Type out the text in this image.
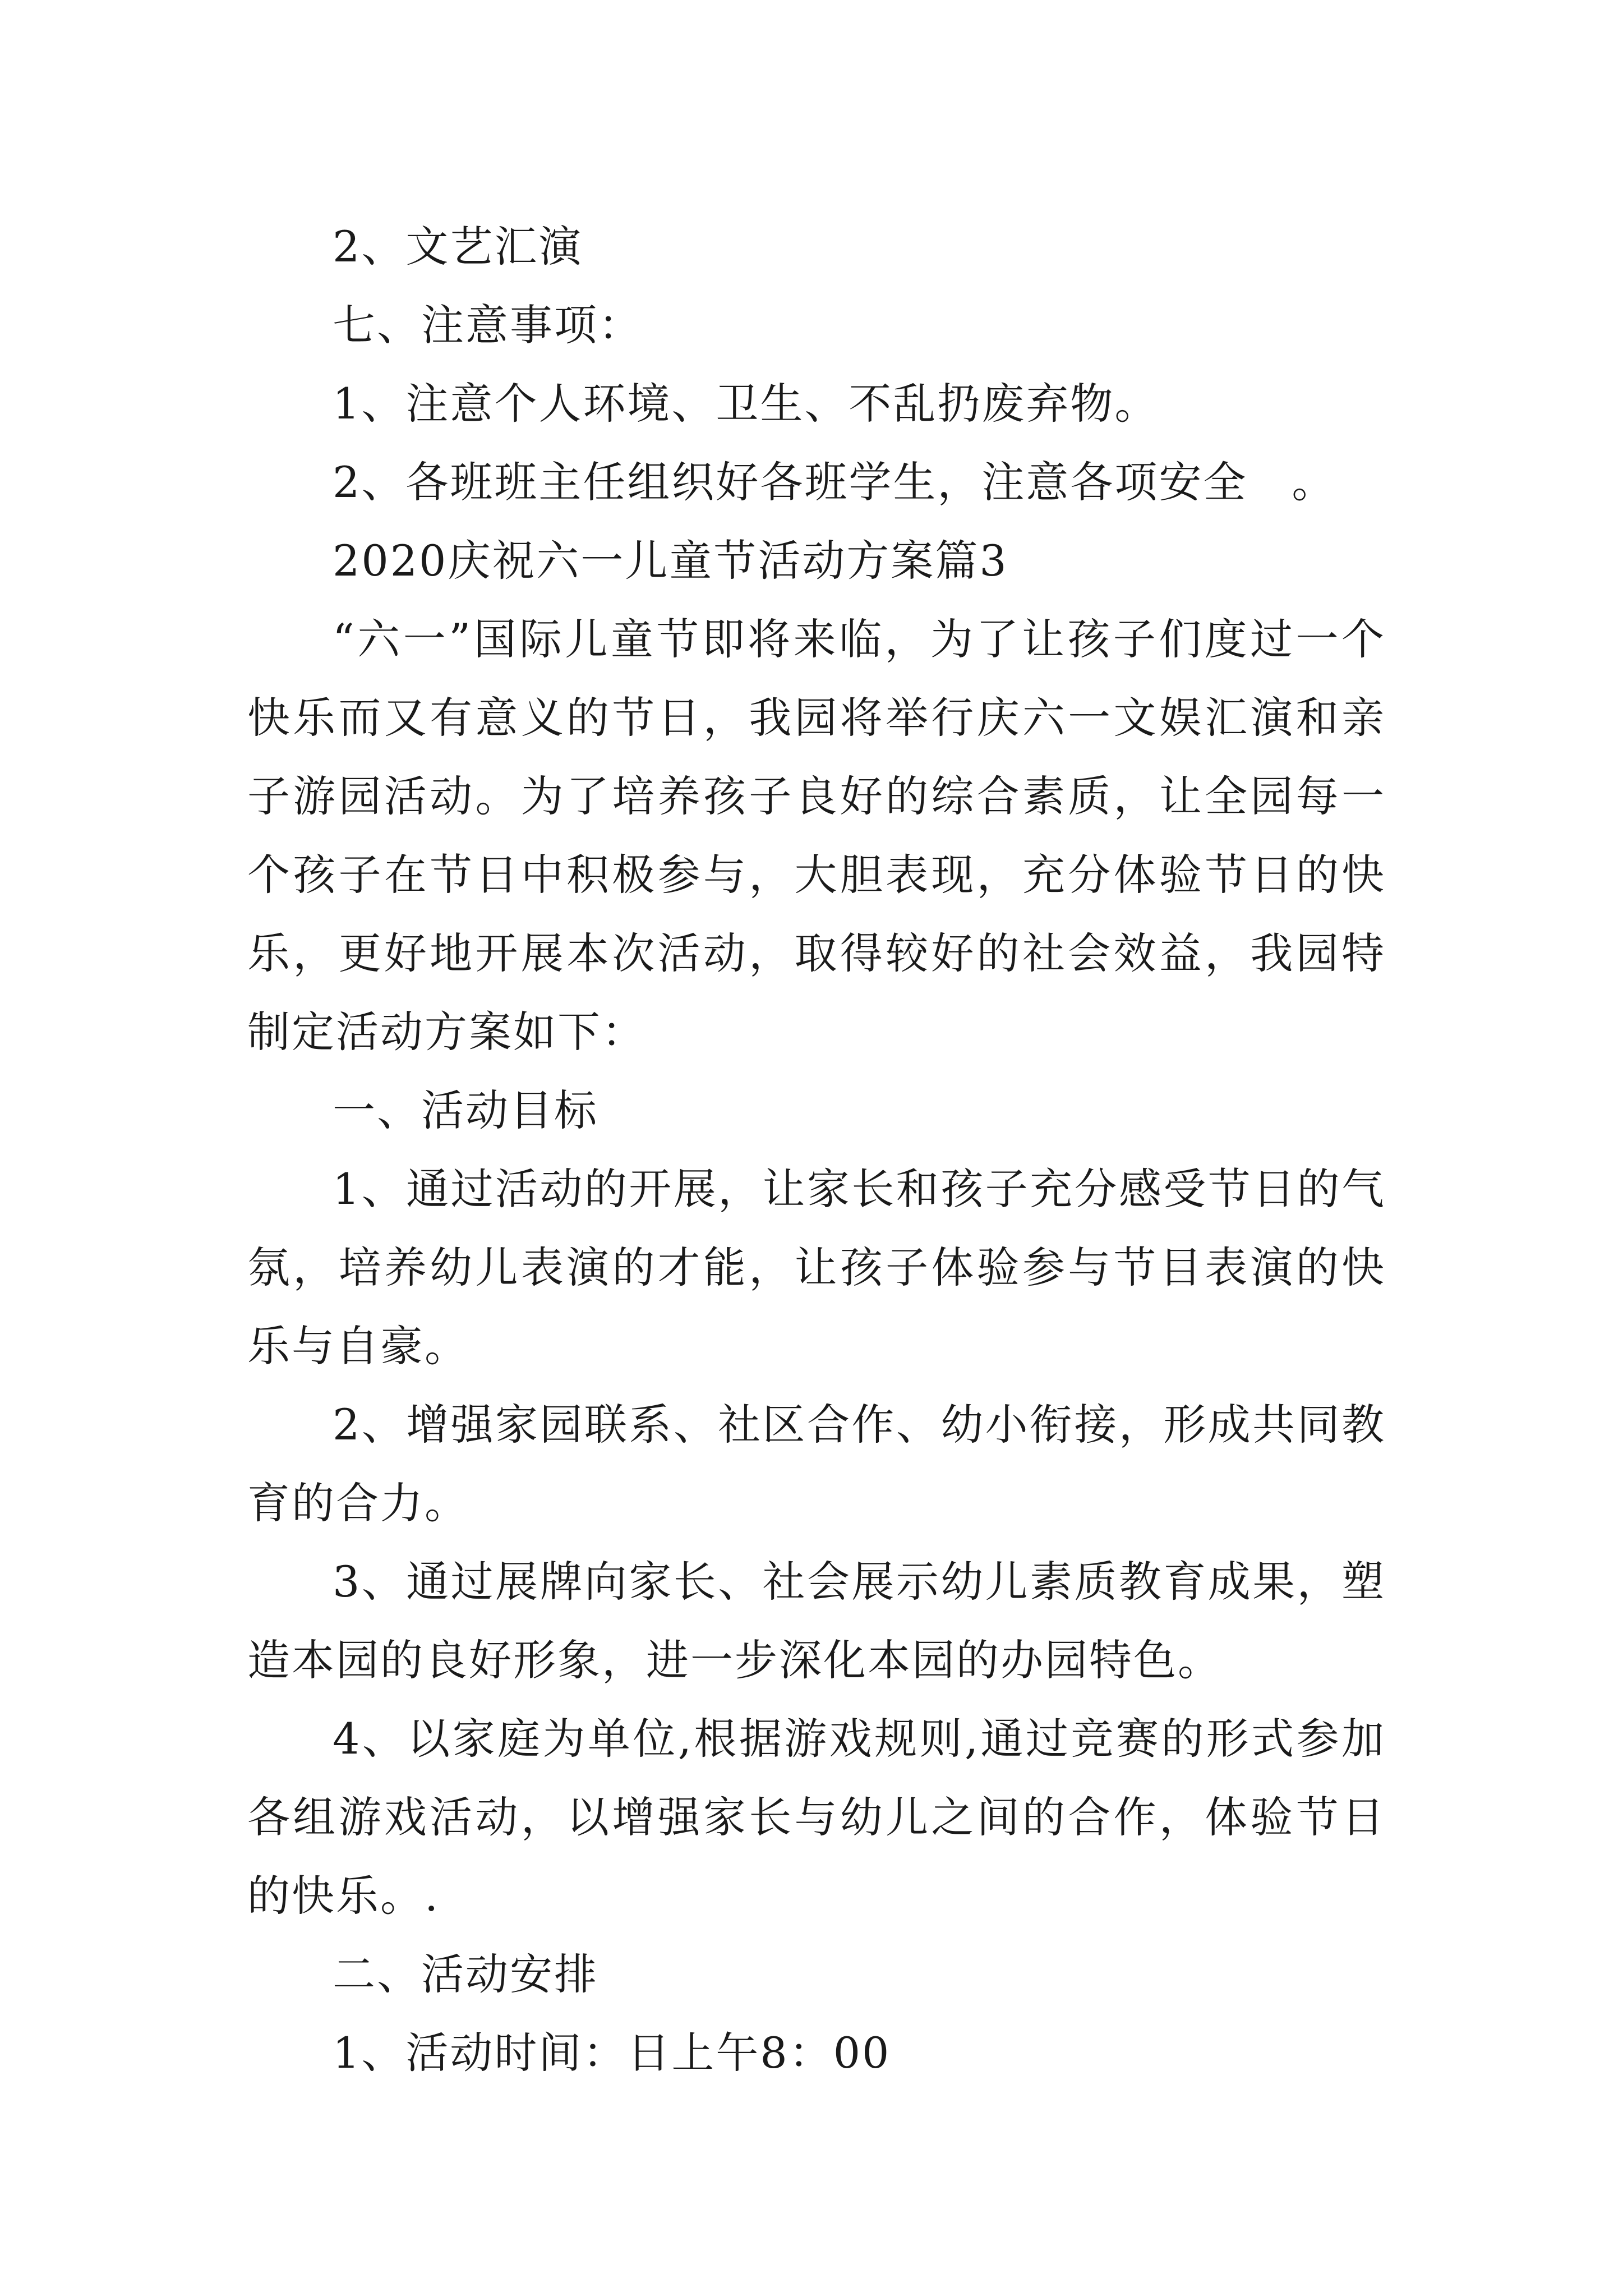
2、文艺汇演

七、注意事项：

1、注意个人环境、卫生、不乱扔废弃物。

2、各班班主任组织好各班学生，注意各项安全　。

2020庆祝六一儿童节活动方案篇3

“六一”国际儿童节即将来临，为了让孩子们度过一个快乐而又有意义的节日，我园将举行庆六一文娱汇演和亲子游园活动。为了培养孩子良好的综合素质，让全园每一个孩子在节日中积极参与，大胆表现，充分体验节日的快乐，更好地开展本次活动，取得较好的社会效益，我园特制定活动方案如下：

一、活动目标

1、通过活动的开展，让家长和孩子充分感受节日的气氛，培养幼儿表演的才能，让孩子体验参与节目表演的快乐与自豪。

2、增强家园联系、社区合作、幼小衔接，形成共同教育的合力。

3、通过展牌向家长、社会展示幼儿素质教育成果，塑造本园的良好形象，进一步深化本园的办园特色。

4、以家庭为单位,根据游戏规则,通过竞赛的形式参加各组游戏活动，以增强家长与幼儿之间的合作，体验节日的快乐。.

二、活动安排

1、活动时间：日上午8：00
